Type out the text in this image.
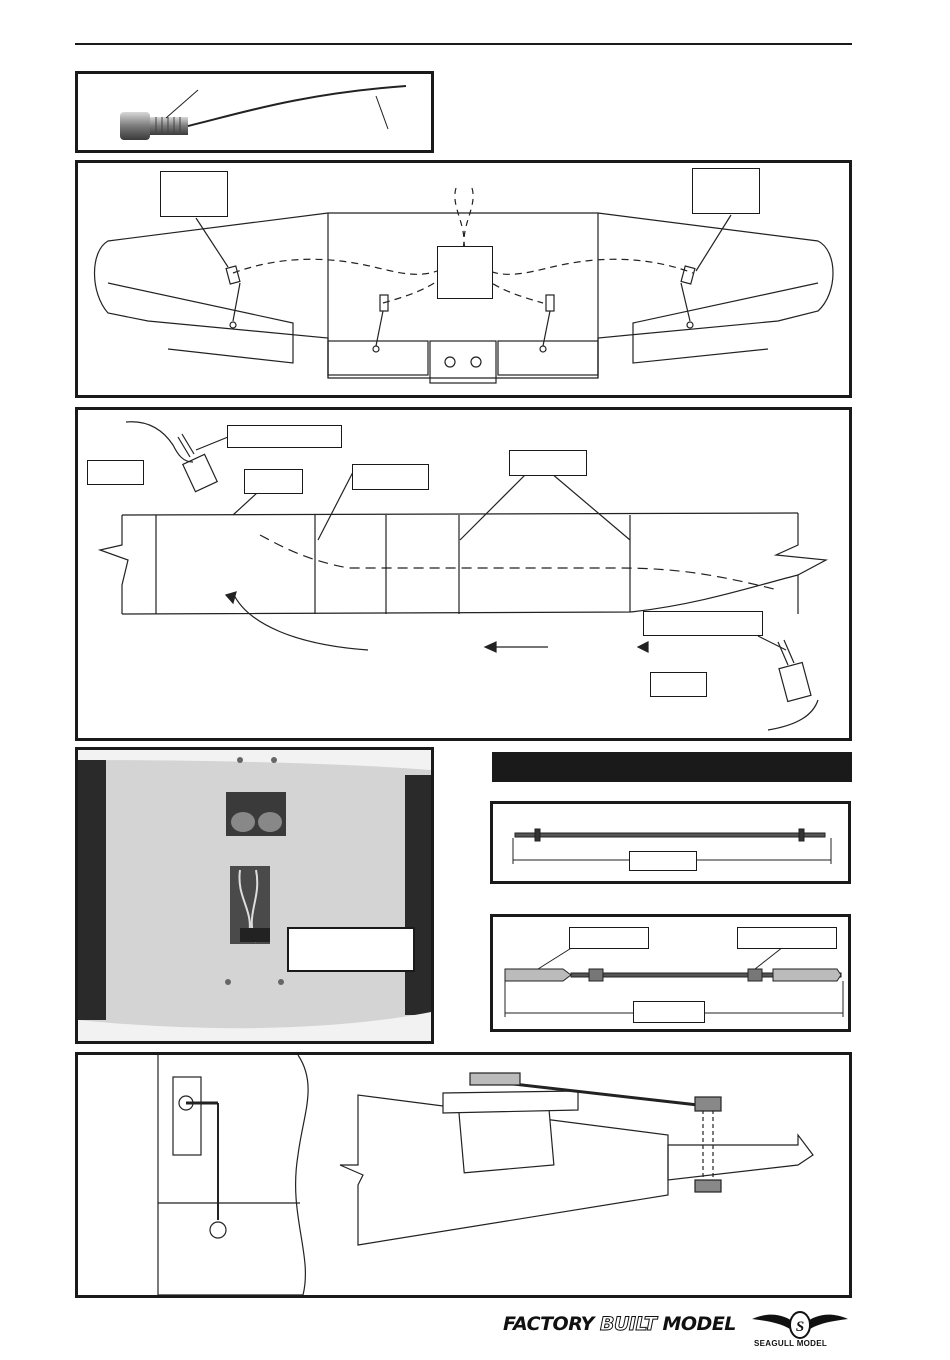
FACTORY BUILT MODEL	S
SEAGULL MODEL
